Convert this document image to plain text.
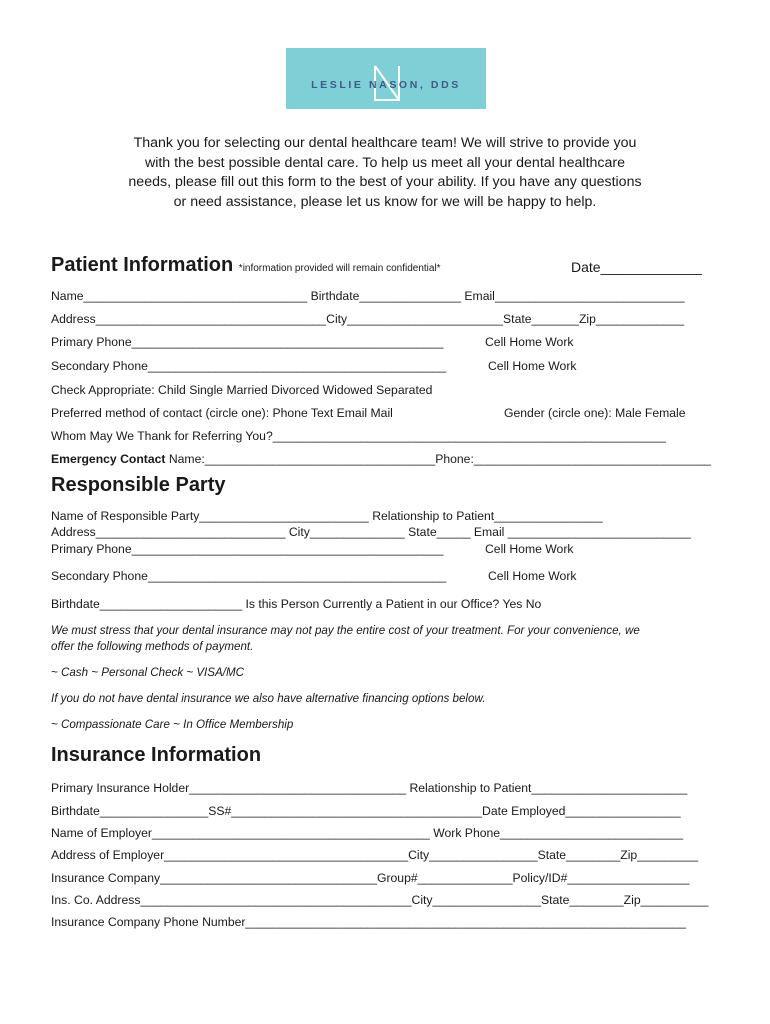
LESLIE NASON, DDS
Thank you for selecting our dental healthcare team! We will strive to provide you
with the best possible dental care. To help us meet all your dental healthcare
needs, please fill out this form to the best of your ability. If you have any questions
or need assistance, please let us know for we will be happy to help.
Patient Information *information provided will remain confidential*	Date_____________
Name_________________________________ Birthdate_______________ Email____________________________
Address__________________________________City_______________________State_______Zip_____________
Primary Phone______________________________________________	Cell Home Work
Secondary Phone____________________________________________	Cell Home Work
Check Appropriate: Child Single Married Divorced Widowed Separated
Preferred method of contact (circle one): Phone Text Email Mail	Gender (circle one): Male Female
Whom May We Thank for Referring You?__________________________________________________________
Emergency Contact Name:__________________________________Phone:___________________________________
Responsible Party
Name of Responsible Party_________________________ Relationship to Patient________________
Address____________________________ City______________ State_____ Email ___________________________
Primary Phone______________________________________________	Cell Home Work
Secondary Phone____________________________________________	Cell Home Work
Birthdate_____________________ Is this Person Currently a Patient in our Office? Yes No
We must stress that your dental insurance may not pay the entire cost of your treatment. For your convenience, we
offer the following methods of payment.
~ Cash ~ Personal Check ~ VISA/MC
If you do not have dental insurance we also have alternative financing options below.
~ Compassionate Care ~ In Office Membership
Insurance Information
Primary Insurance Holder________________________________ Relationship to Patient_______________________
Birthdate________________SS#_____________________________________Date Employed_________________
Name of Employer_________________________________________ Work Phone___________________________
Address of Employer____________________________________City________________State________Zip_________
Insurance Company________________________________Group#______________Policy/ID#__________________
Ins. Co. Address________________________________________City________________State________Zip__________
Insurance Company Phone Number_________________________________________________________________
